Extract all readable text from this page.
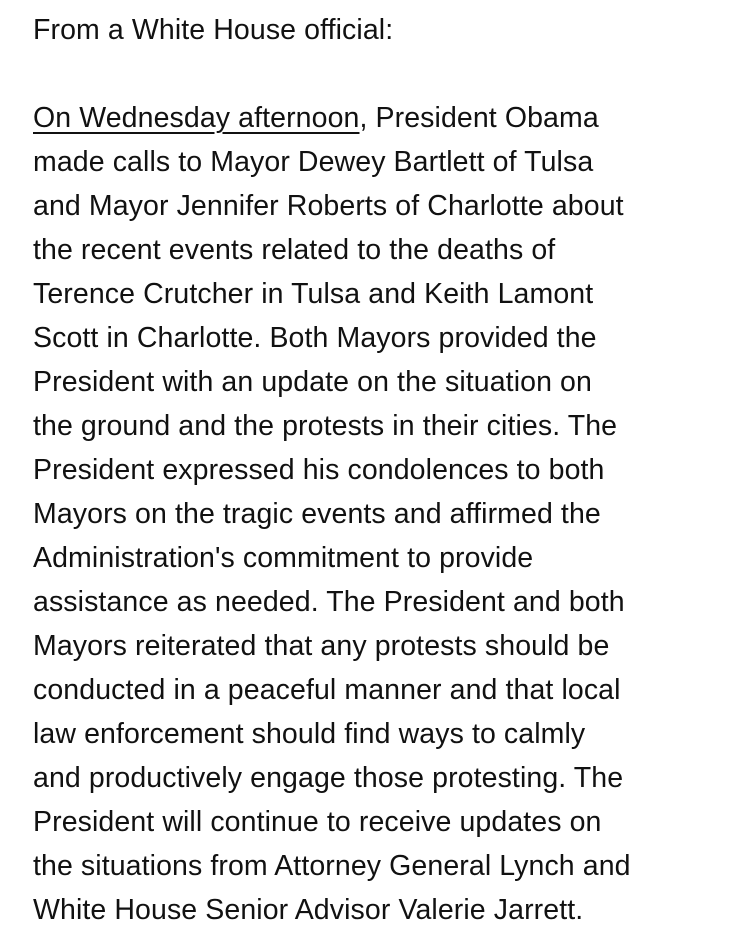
From a White House official:
On Wednesday afternoon, President Obama
made calls to Mayor Dewey Bartlett of Tulsa
and Mayor Jennifer Roberts of Charlotte about
the recent events related to the deaths of
Terence Crutcher in Tulsa and Keith Lamont
Scott in Charlotte. Both Mayors provided the
President with an update on the situation on
the ground and the protests in their cities. The
President expressed his condolences to both
Mayors on the tragic events and affirmed the
Administration's commitment to provide
assistance as needed. The President and both
Mayors reiterated that any protests should be
conducted in a peaceful manner and that local
law enforcement should find ways to calmly
and productively engage those protesting. The
President will continue to receive updates on
the situations from Attorney General Lynch and
White House Senior Advisor Valerie Jarrett.
